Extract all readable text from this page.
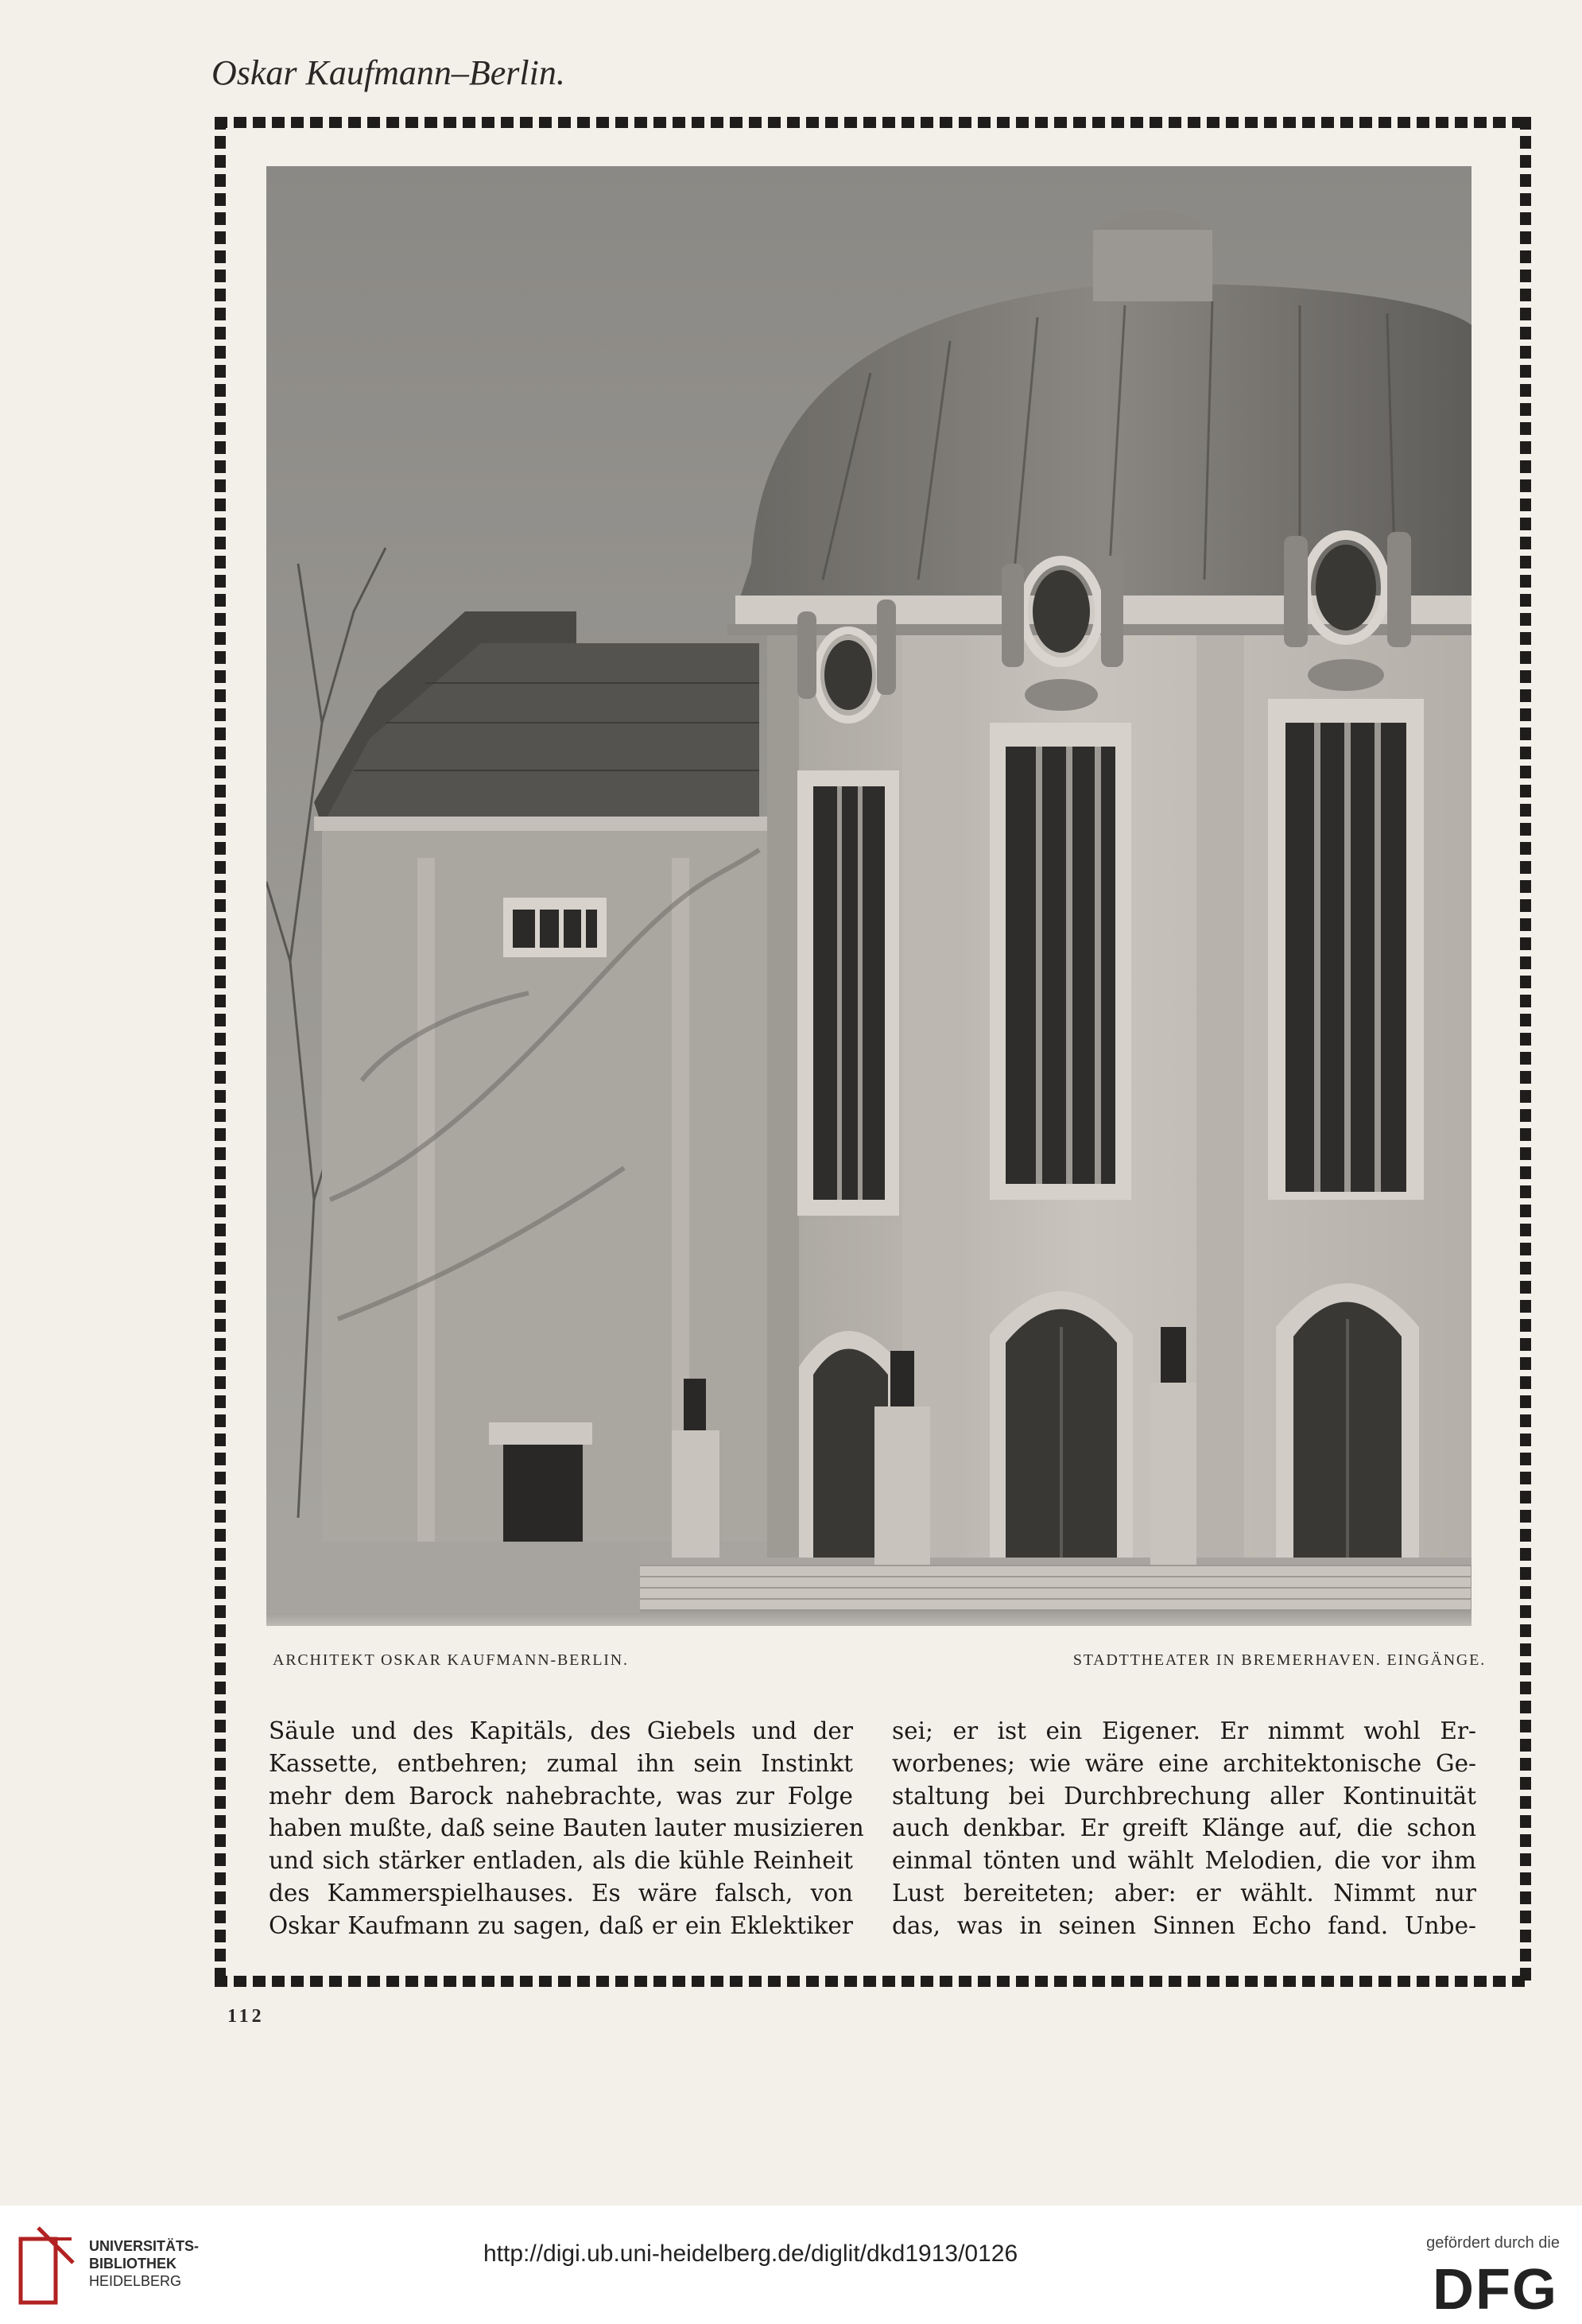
Oskar Kaufmann–Berlin.
ARCHITEKT OSKAR KAUFMANN-BERLIN.	STADTTHEATER IN BREMERHAVEN. EINGÄNGE.
Säule und des Kapitäls, des Giebels und der
Kassette, entbehren; zumal ihn sein Instinkt
mehr dem Barock nahebrachte, was zur Folge
haben mußte, daß seine Bauten lauter musizieren
und sich stärker entladen, als die kühle Reinheit
des Kammerspielhauses. Es wäre falsch, von
Oskar Kaufmann zu sagen, daß er ein Eklektiker
sei; er ist ein Eigener. Er nimmt wohl Er-
worbenes; wie wäre eine architektonische Ge-
staltung bei Durchbrechung aller Kontinuität
auch denkbar. Er greift Klänge auf, die schon
einmal tönten und wählt Melodien, die vor ihm
Lust bereiteten; aber: er wählt. Nimmt nur
das, was in seinen Sinnen Echo fand. Unbe-
112
UNIVERSITÄTS-
BIBLIOTHEK
HEIDELBERG
http://digi.ub.uni-heidelberg.de/diglit/dkd1913/0126	gefördert durch die
DFG
